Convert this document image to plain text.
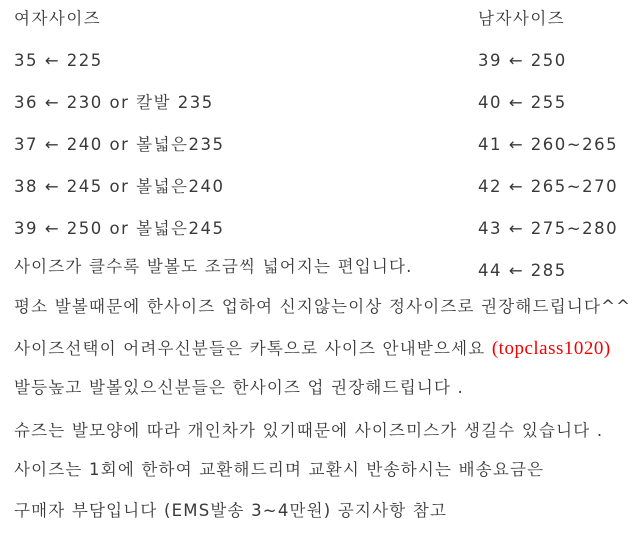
여자사이즈
35 ← 225
36 ← 230 or 칼발 235
37 ← 240 or 볼넓은235
38 ← 245 or 볼넓은240
39 ← 250 or 볼넓은245
남자사이즈
39 ← 250
40 ← 255
41 ← 260~265
42 ← 265~270
43 ← 275~280
44 ← 285

사이즈가 클수록 발볼도 조금씩 넓어지는 편입니다.

평소 발볼때문에 한사이즈 업하여 신지않는이상 정사이즈로 권장해드립니다^^

사이즈선택이 어려우신분들은 카톡으로 사이즈 안내받으세요 (topclass1020)

발등높고 발볼있으신분들은 한사이즈 업 권장해드립니다 .

슈즈는 발모양에 따라 개인차가 있기때문에 사이즈미스가 생길수 있습니다 .

사이즈는 1회에 한하여 교환해드리며 교환시 반송하시는 배송요금은

구매자 부담입니다 (EMS발송 3~4만원) 공지사항 참고
